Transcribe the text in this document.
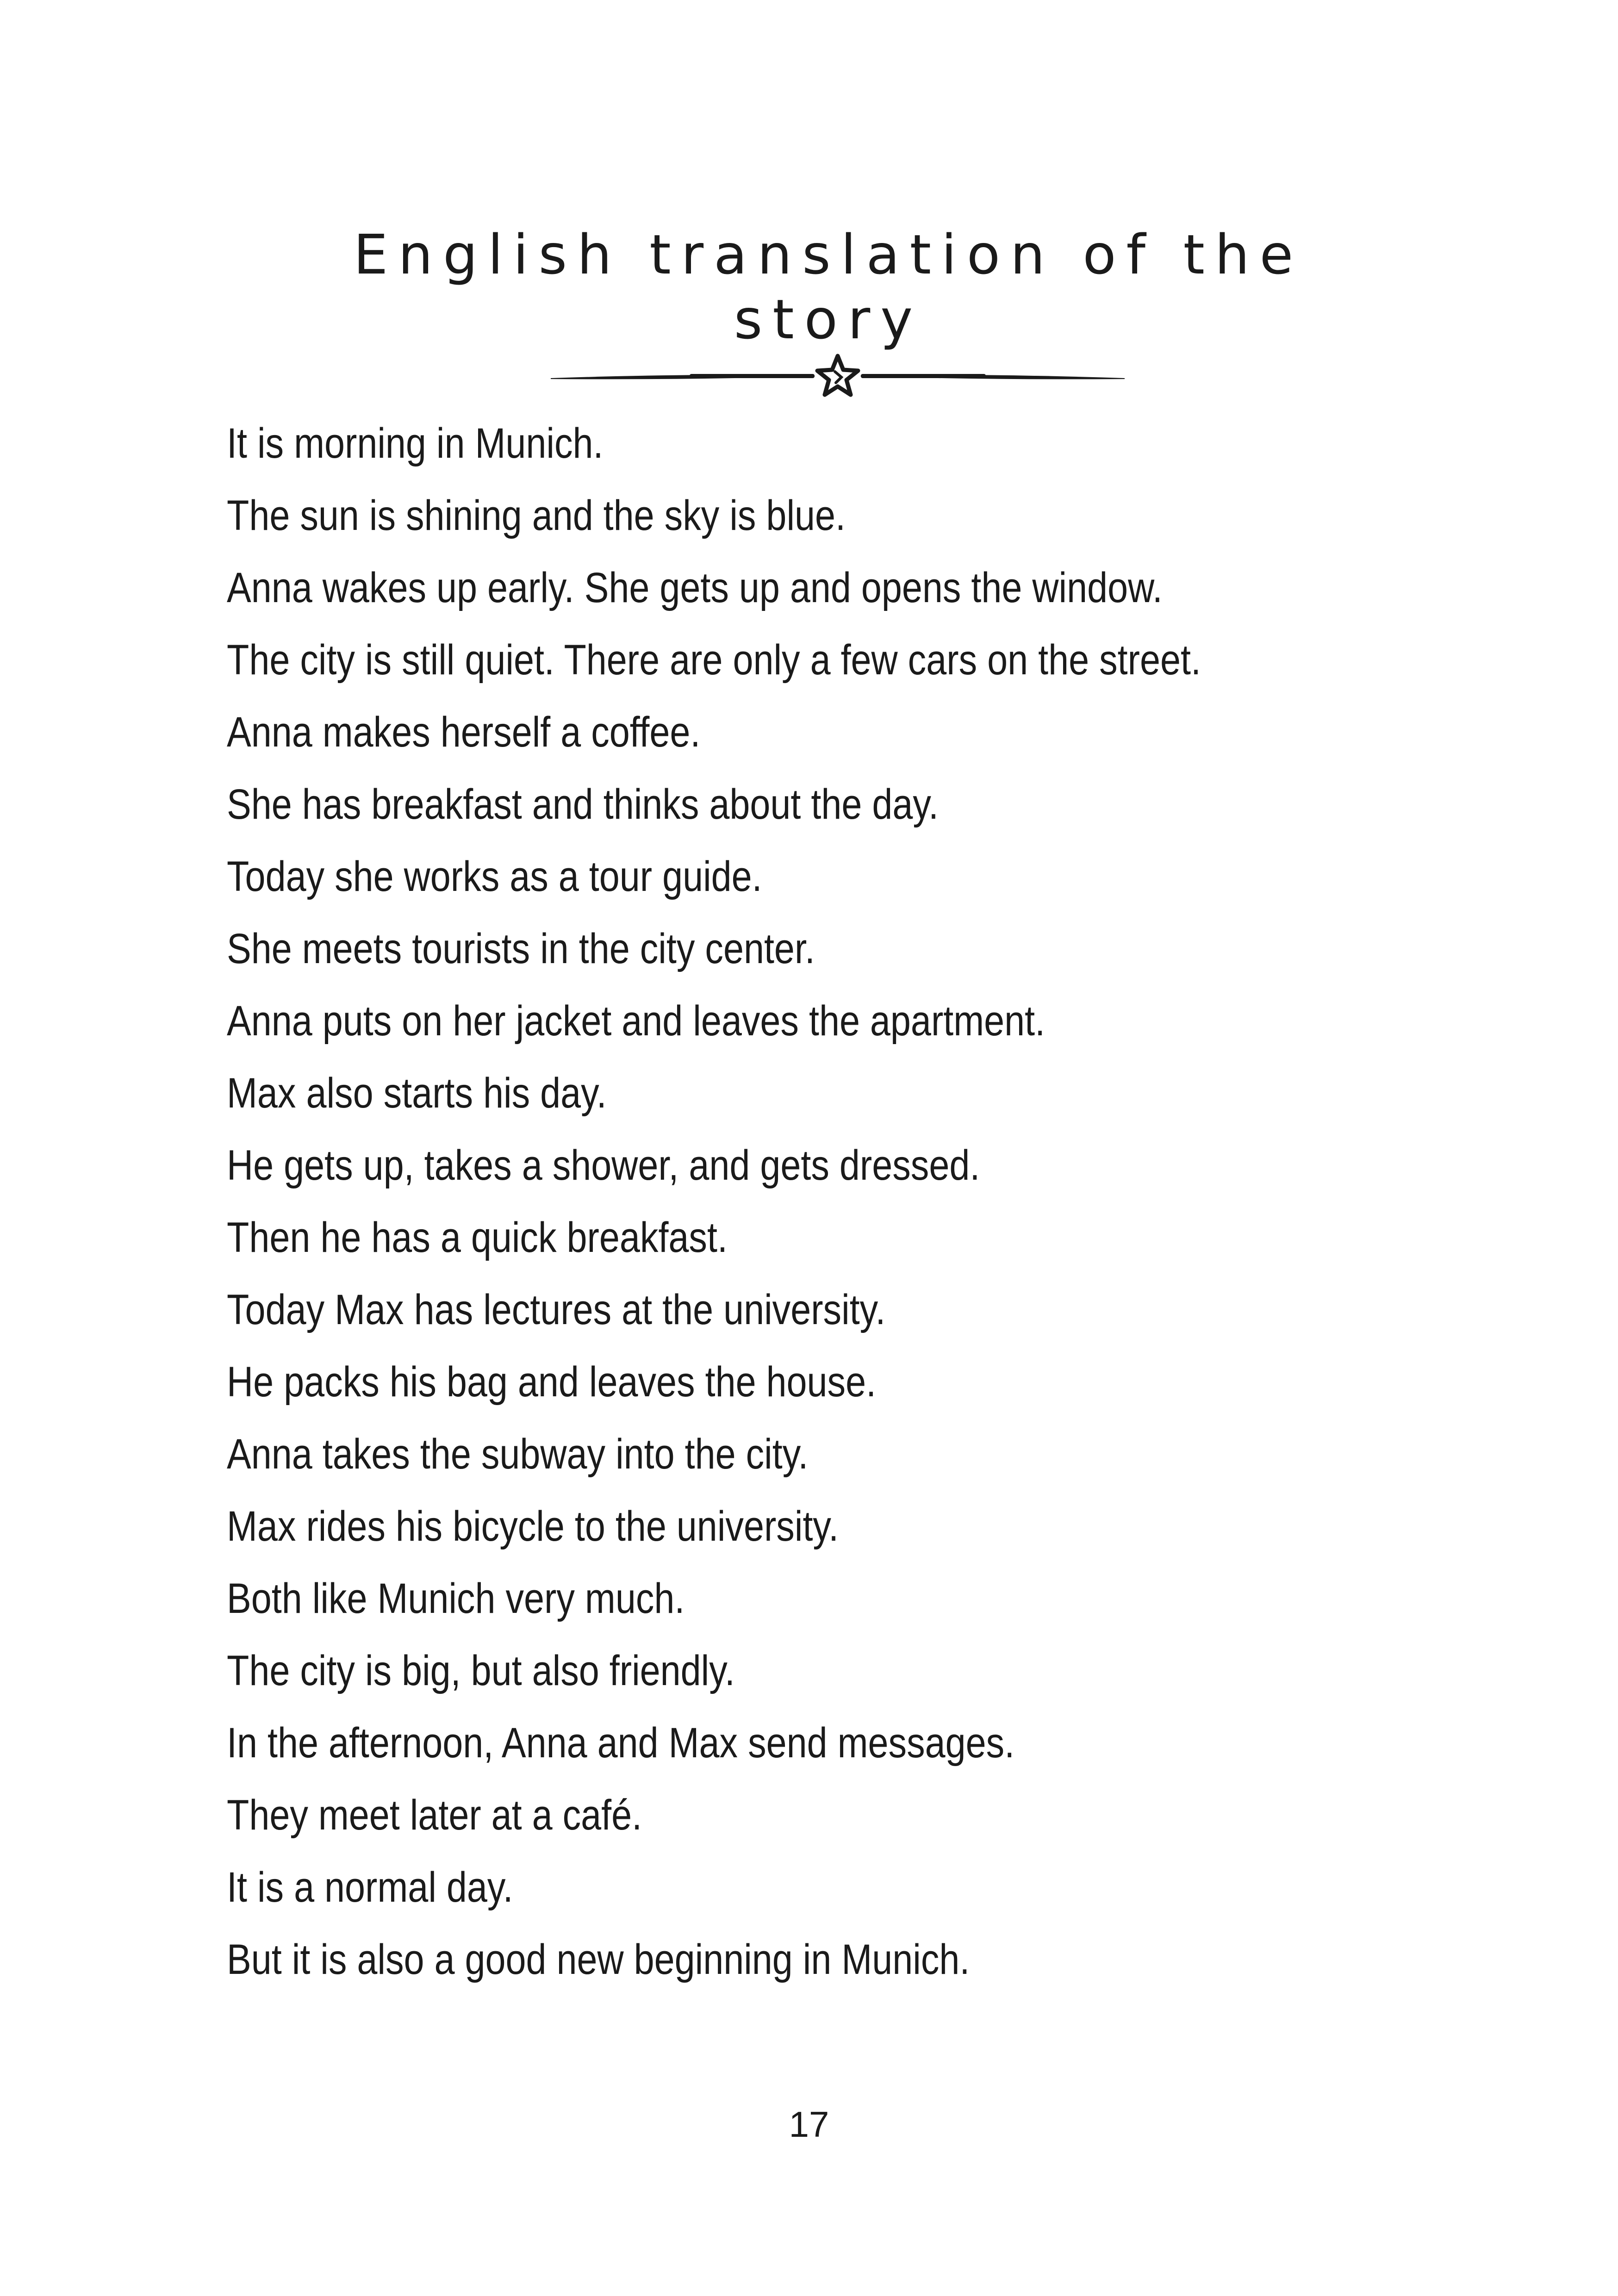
English translation of the story
It is morning in Munich.
The sun is shining and the sky is blue.
Anna wakes up early. She gets up and opens the window.
The city is still quiet. There are only a few cars on the street.
Anna makes herself a coffee.
She has breakfast and thinks about the day.
Today she works as a tour guide.
She meets tourists in the city center.
Anna puts on her jacket and leaves the apartment.
Max also starts his day.
He gets up, takes a shower, and gets dressed.
Then he has a quick breakfast.
Today Max has lectures at the university.
He packs his bag and leaves the house.
Anna takes the subway into the city.
Max rides his bicycle to the university.
Both like Munich very much.
The city is big, but also friendly.
In the afternoon, Anna and Max send messages.
They meet later at a café.
It is a normal day.
But it is also a good new beginning in Munich.
17
